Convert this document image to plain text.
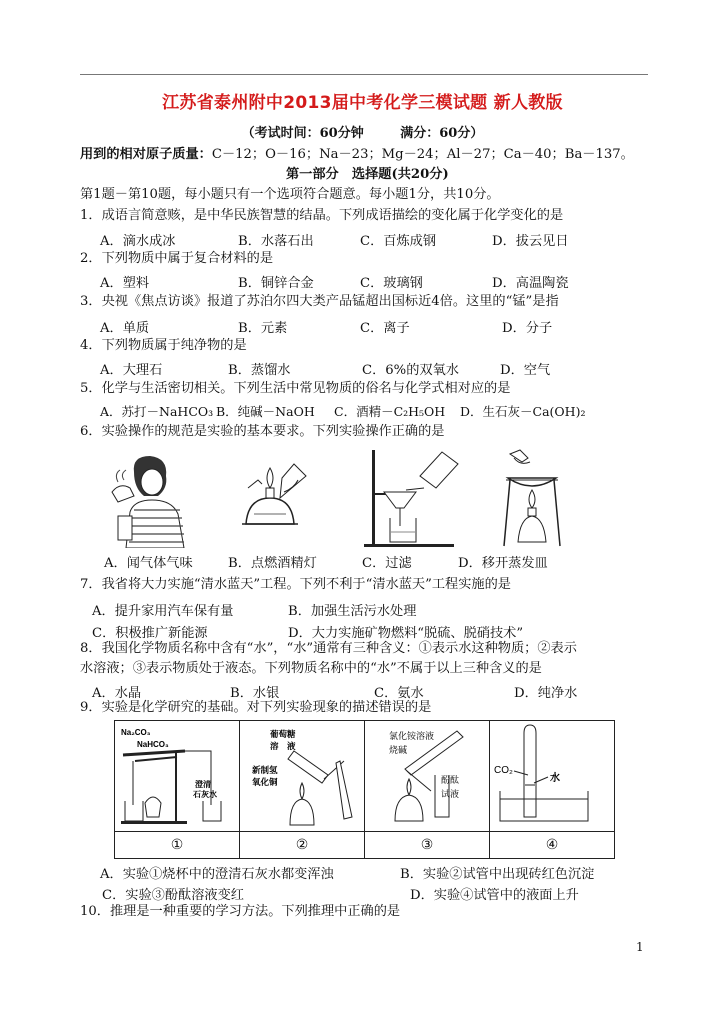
江苏省泰州附中2013届中考化学三模试题 新人教版
（考试时间：60分钟	满分：60分）
用到的相对原子质量：C－12；O－16；Na－23；Mg－24；Al－27；Ca－40；Ba－137。
第一部分　选择题(共20分)
第1题－第10题，每小题只有一个选项符合题意。每小题1分，共10分。
1．成语言简意赅，是中华民族智慧的结晶。下列成语描绘的变化属于化学变化的是
A．滴水成冰	B．水落石出	C．百炼成钢	D．拔云见日
2．下列物质中属于复合材料的是
A．塑料	B．铜锌合金	C．玻璃钢	D．高温陶瓷
3．央视《焦点访谈》报道了苏泊尔四大类产品锰超出国标近4倍。这里的“锰”是指
A．单质	B．元素	C．离子	D．分子
4．下列物质属于纯净物的是
A．大理石	B．蒸馏水	C．6%的双氧水	D．空气
5．化学与生活密切相关。下列生活中常见物质的俗名与化学式相对应的是
A．苏打－NaHCO₃ B．纯碱－NaOH C．酒精－C₂H₅OH D．生石灰－Ca(OH)₂
6．实验操作的规范是实验的基本要求。下列实验操作正确的是
A．闻气体气味	B．点燃酒精灯	C．过滤	D．移开蒸发皿
7．我省将大力实施“清水蓝天”工程。下列不利于“清水蓝天”工程实施的是
A．提升家用汽车保有量	B．加强生活污水处理
C．积极推广新能源	D．大力实施矿物燃料“脱硫、脱硝技术”
8．我国化学物质名称中含有“水”，“水”通常有三种含义：①表示水这种物质；②表示
水溶液；③表示物质处于液态。下列物质名称中的“水”不属于以上三种含义的是
A．水晶	B．水银	C．氨水	D．纯净水
9．实验是化学研究的基础。对下列实验现象的描述错误的是
Na₂CO₃
NaHCO₃
澄清
石灰水	葡萄糖
溶　液
新制氢
氧化铜	氯化铵溶液
烧碱
酚酞
试液	CO₂
水

①	②	③	④
A．实验①烧杯中的澄清石灰水都变浑浊	B．实验②试管中出现砖红色沉淀
C．实验③酚酞溶液变红	D．实验④试管中的液面上升
10．推理是一种重要的学习方法。下列推理中正确的是
1
